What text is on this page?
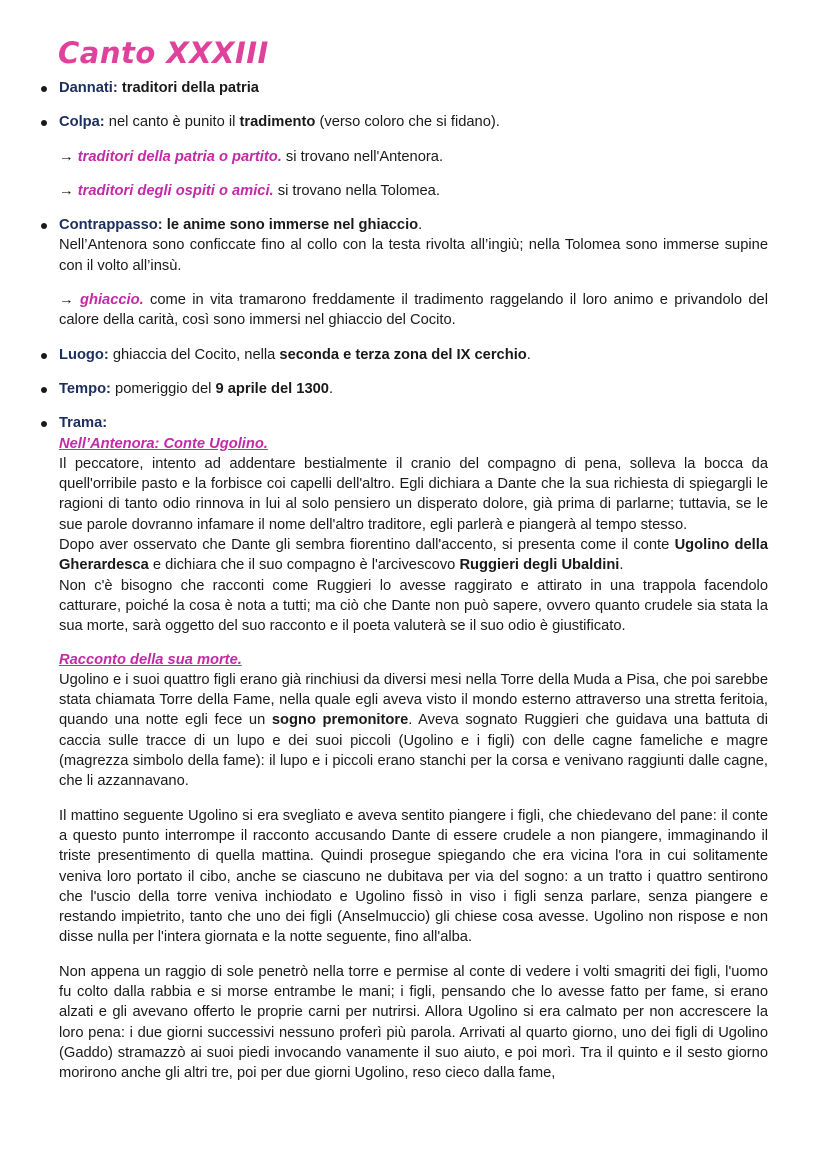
Canto XXXIII
Dannati: traditori della patria
Colpa: nel canto è punito il tradimento (verso coloro che si fidano).

→ traditori della patria o partito. si trovano nell'Antenora.

→ traditori degli ospiti o amici. si trovano nella Tolomea.

Contrappasso: le anime sono immerse nel ghiaccio.

Nell’Antenora sono conficcate fino al collo con la testa rivolta all’ingiù; nella Tolomea sono immerse supine con il volto all’insù.

→ ghiaccio. come in vita tramarono freddamente il tradimento raggelando il loro animo e privandolo del calore della carità, così sono immersi nel ghiaccio del Cocito.

Luogo: ghiaccia del Cocito, nella seconda e terza zona del IX cerchio.
Tempo: pomeriggio del 9 aprile del 1300.
Trama:

Nell’Antenora: Conte Ugolino.

Il peccatore, intento ad addentare bestialmente il cranio del compagno di pena, solleva la bocca da quell'orribile pasto e la forbisce coi capelli dell'altro. Egli dichiara a Dante che la sua richiesta di spiegargli le ragioni di tanto odio rinnova in lui al solo pensiero un disperato dolore, già prima di parlarne; tuttavia, se le sue parole dovranno infamare il nome dell'altro traditore, egli parlerà e piangerà al tempo stesso.

Dopo aver osservato che Dante gli sembra fiorentino dall'accento, si presenta come il conte Ugolino della Gherardesca e dichiara che il suo compagno è l'arcivescovo Ruggieri degli Ubaldini.

Non c'è bisogno che racconti come Ruggieri lo avesse raggirato e attirato in una trappola facendolo catturare, poiché la cosa è nota a tutti; ma ciò che Dante non può sapere, ovvero quanto crudele sia stata la sua morte, sarà oggetto del suo racconto e il poeta valuterà se il suo odio è giustificato.

Racconto della sua morte.

Ugolino e i suoi quattro figli erano già rinchiusi da diversi mesi nella Torre della Muda a Pisa, che poi sarebbe stata chiamata Torre della Fame, nella quale egli aveva visto il mondo esterno attraverso una stretta feritoia, quando una notte egli fece un sogno premonitore. Aveva sognato Ruggieri che guidava una battuta di caccia sulle tracce di un lupo e dei suoi piccoli (Ugolino e i figli) con delle cagne fameliche e magre (magrezza simbolo della fame): il lupo e i piccoli erano stanchi per la corsa e venivano raggiunti dalle cagne, che li azzannavano.

Il mattino seguente Ugolino si era svegliato e aveva sentito piangere i figli, che chiedevano del pane: il conte a questo punto interrompe il racconto accusando Dante di essere crudele a non piangere, immaginando il triste presentimento di quella mattina. Quindi prosegue spiegando che era vicina l'ora in cui solitamente veniva loro portato il cibo, anche se ciascuno ne dubitava per via del sogno: a un tratto i quattro sentirono che l'uscio della torre veniva inchiodato e Ugolino fissò in viso i figli senza parlare, senza piangere e restando impietrito, tanto che uno dei figli (Anselmuccio) gli chiese cosa avesse. Ugolino non rispose e non disse nulla per l'intera giornata e la notte seguente, fino all'alba.

Non appena un raggio di sole penetrò nella torre e permise al conte di vedere i volti smagriti dei figli, l'uomo fu colto dalla rabbia e si morse entrambe le mani; i figli, pensando che lo avesse fatto per fame, si erano alzati e gli avevano offerto le proprie carni per nutrirsi. Allora Ugolino si era calmato per non accrescere la loro pena: i due giorni successivi nessuno proferì più parola. Arrivati al quarto giorno, uno dei figli di Ugolino (Gaddo) stramazzò ai suoi piedi invocando vanamente il suo aiuto, e poi morì. Tra il quinto e il sesto giorno morirono anche gli altri tre, poi per due giorni Ugolino, reso cieco dalla fame,
